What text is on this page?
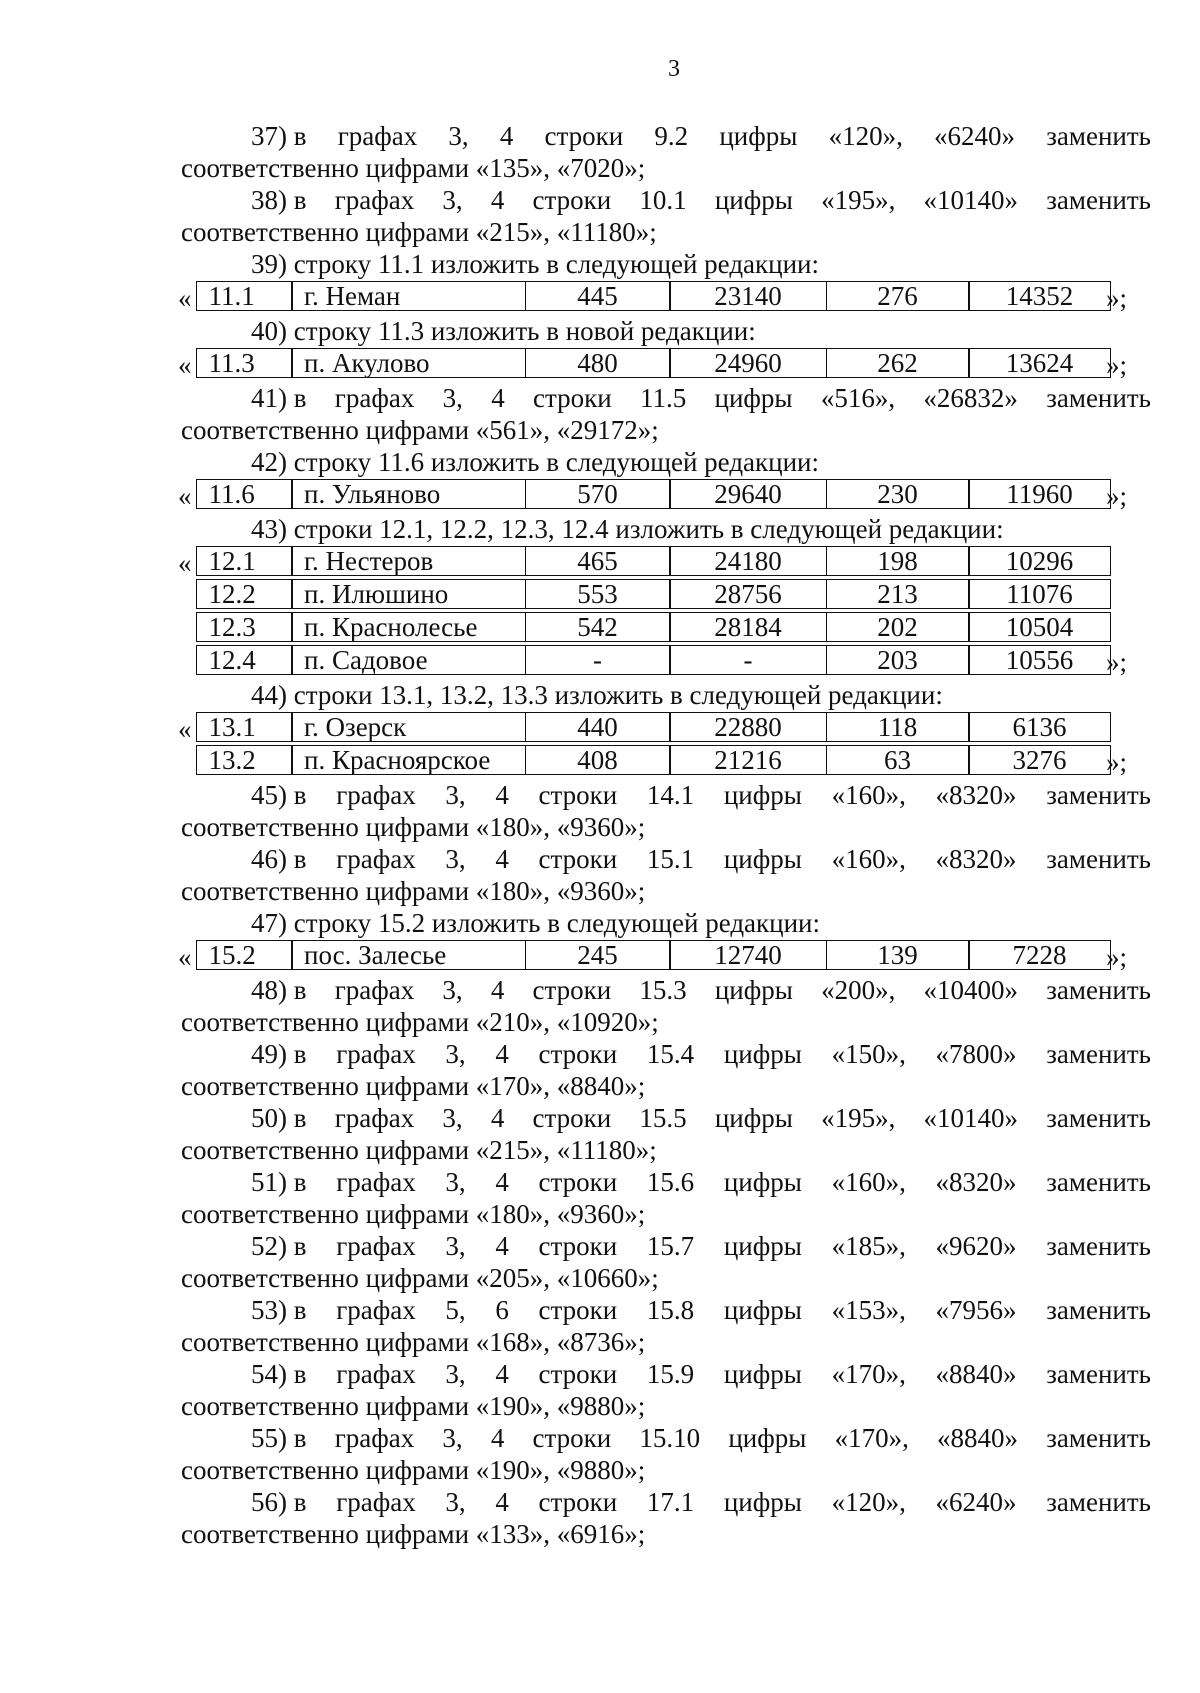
3
37) в графах 3, 4 строки 9.2 цифры «120», «6240» заменить
соответственно цифрами «135», «7020»;
38) в графах 3, 4 строки 10.1 цифры «195», «10140» заменить
соответственно цифрами «215», «11180»;
39) строку 11.1 изложить в следующей редакции:
« 11.1	г. Неман	445	23140	276	14352	»;
40) строку 11.3 изложить в новой редакции:
« 11.3	п. Акулово	480	24960	262	13624	»;
41) в графах 3, 4 строки 11.5 цифры «516», «26832» заменить
соответственно цифрами «561», «29172»;
42) строку 11.6 изложить в следующей редакции:
« 11.6	п. Ульяново	570	29640	230	11960	»;
43) строки 12.1, 12.2, 12.3, 12.4 изложить в следующей редакции:
« 12.1	г. Нестеров	465	24180	198	10296
12.2	п. Илюшино	553	28756	213	11076
12.3	п. Краснолесье	542	28184	202	10504
12.4	п. Садовое	-	-	203	10556	»;
44) строки 13.1, 13.2, 13.3 изложить в следующей редакции:
« 13.1	г. Озерск	440	22880	118	6136
13.2	п. Красноярское	408	21216	63	3276	»;
45) в графах 3, 4 строки 14.1 цифры «160», «8320» заменить
соответственно цифрами «180», «9360»;
46) в графах 3, 4 строки 15.1 цифры «160», «8320» заменить
соответственно цифрами «180», «9360»;
47) строку 15.2 изложить в следующей редакции:
« 15.2	пос. Залесье	245	12740	139	7228	»;
48) в графах 3, 4 строки 15.3 цифры «200», «10400» заменить
соответственно цифрами «210», «10920»;
49) в графах 3, 4 строки 15.4 цифры «150», «7800» заменить
соответственно цифрами «170», «8840»;
50) в графах 3, 4 строки 15.5 цифры «195», «10140» заменить
соответственно цифрами «215», «11180»;
51) в графах 3, 4 строки 15.6 цифры «160», «8320» заменить
соответственно цифрами «180», «9360»;
52) в графах 3, 4 строки 15.7 цифры «185», «9620» заменить
соответственно цифрами «205», «10660»;
53) в графах 5, 6 строки 15.8 цифры «153», «7956» заменить
соответственно цифрами «168», «8736»;
54) в графах 3, 4 строки 15.9 цифры «170», «8840» заменить
соответственно цифрами «190», «9880»;
55) в графах 3, 4 строки 15.10 цифры «170», «8840» заменить
соответственно цифрами «190», «9880»;
56) в графах 3, 4 строки 17.1 цифры «120», «6240» заменить
соответственно цифрами «133», «6916»;
